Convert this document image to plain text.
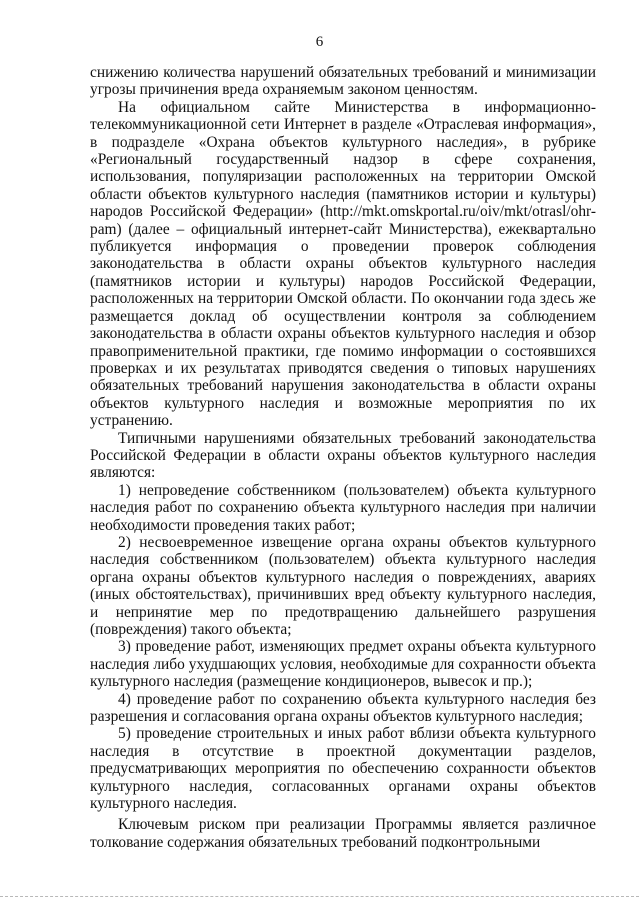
6

снижению количества нарушений обязательных требований и минимизации угрозы причинения вреда охраняемым законом ценностям.

На официальном сайте Министерства в информационно-телекоммуникационной сети Интернет в разделе «Отраслевая информация», в подразделе «Охрана объектов культурного наследия», в рубрике «Региональный государственный надзор в сфере сохранения, использования, популяризации расположенных на территории Омской области объектов культурного наследия (памятников истории и культуры) народов Российской Федерации» (http://mkt.omskportal.ru/oiv/mkt/otrasl/ohr-pam) (далее – официальный интернет-сайт Министерства), ежеквартально публикуется информация о проведении проверок соблюдения законодательства в области охраны объектов культурного наследия (памятников истории и культуры) народов Российской Федерации, расположенных на территории Омской области. По окончании года здесь же размещается доклад об осуществлении контроля за соблюдением законодательства в области охраны объектов культурного наследия и обзор правоприменительной практики, где помимо информации о состоявшихся проверках и их результатах приводятся сведения о типовых нарушениях обязательных требований нарушения законодательства в области охраны объектов культурного наследия и возможные мероприятия по их устранению.

Типичными нарушениями обязательных требований законодательства Российской Федерации в области охраны объектов культурного наследия являются:

1) непроведение собственником (пользователем) объекта культурного наследия работ по сохранению объекта культурного наследия при наличии необходимости проведения таких работ;

2) несвоевременное извещение органа охраны объектов культурного наследия собственником (пользователем) объекта культурного наследия органа охраны объектов культурного наследия о повреждениях, авариях (иных обстоятельствах), причинивших вред объекту культурного наследия, и непринятие мер по предотвращению дальнейшего разрушения (повреждения) такого объекта;

3) проведение работ, изменяющих предмет охраны объекта культурного наследия либо ухудшающих условия, необходимые для сохранности объекта культурного наследия (размещение кондиционеров, вывесок и пр.);

4) проведение работ по сохранению объекта культурного наследия без разрешения и согласования органа охраны объектов культурного наследия;

5) проведение строительных и иных работ вблизи объекта культурного наследия в отсутствие в проектной документации разделов, предусматривающих мероприятия по обеспечению сохранности объектов культурного наследия, согласованных органами охраны объектов культурного наследия.

Ключевым риском при реализации Программы является различное толкование содержания обязательных требований подконтрольными
